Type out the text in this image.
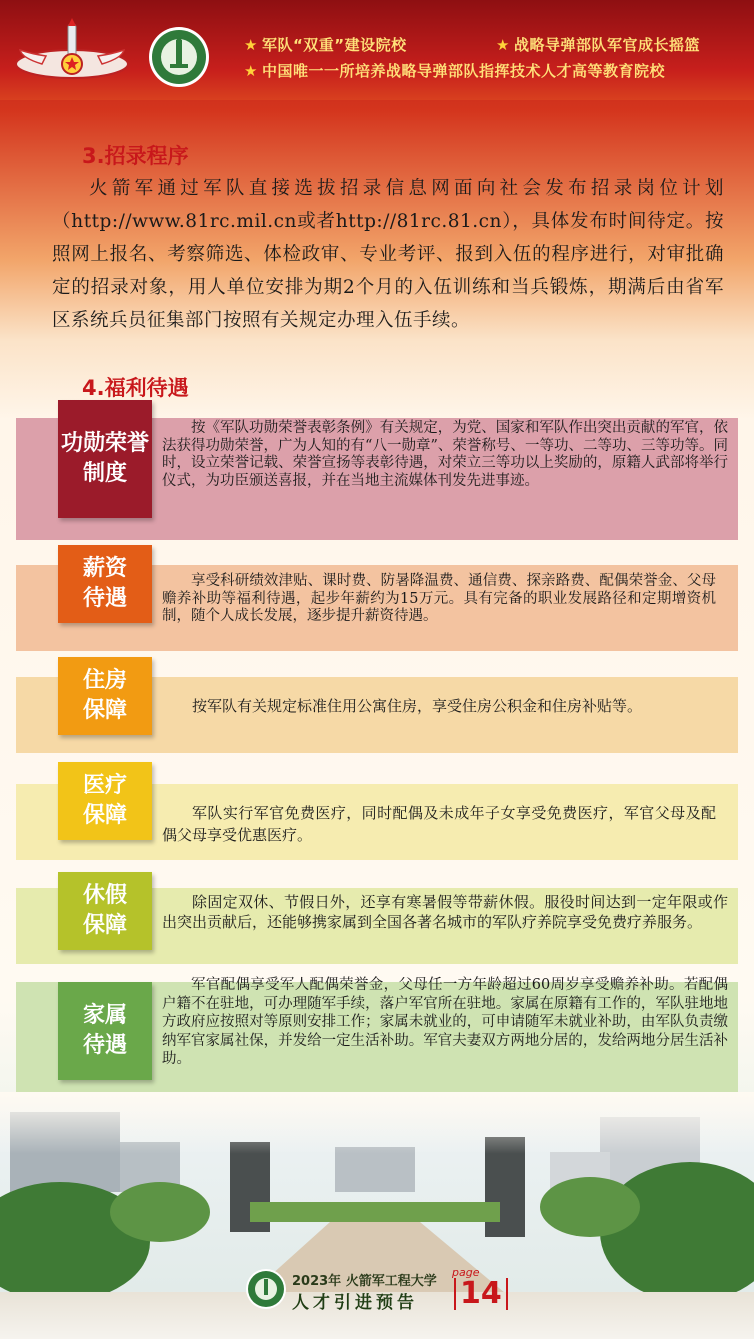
★ 军队“双重”建设院校	★ 战略导弹部队军官成长摇篮
★ 中国唯一一所培养战略导弹部队指挥技术人才高等教育院校
3.招录程序

火箭军通过军队直接选拔招录信息网面向社会发布招录岗位计划（http://www.81rc.mil.cn或者http://81rc.81.cn），具体发布时间待定。按照网上报名、考察筛选、体检政审、专业考评、报到入伍的程序进行，对审批确定的招录对象，用人单位安排为期2个月的入伍训练和当兵锻炼，期满后由省军区系统兵员征集部门按照有关规定办理入伍手续。

4.福利待遇
功勋荣誉
制度

按《军队功勋荣誉表彰条例》有关规定，为党、国家和军队作出突出贡献的军官，依法获得功勋荣誉，广为人知的有“八一勋章”、荣誉称号、一等功、二等功、三等功等。同时，设立荣誉记载、荣誉宣扬等表彰待遇，对荣立三等功以上奖励的，原籍人武部将举行仪式，为功臣颁送喜报，并在当地主流媒体刊发先进事迹。

薪资
待遇

享受科研绩效津贴、课时费、防暑降温费、通信费、探亲路费、配偶荣誉金、父母赡养补助等福利待遇，起步年薪约为15万元。具有完备的职业发展路径和定期增资机制，随个人成长发展，逐步提升薪资待遇。

住房
保障	按军队有关规定标准住用公寓住房，享受住房公积金和住房补贴等。

医疗
保障	军队实行军官免费医疗，同时配偶及未成年子女享受免费医疗，军官父母及配偶父母享受优惠医疗。

休假
保障

除固定双休、节假日外，还享有寒暑假等带薪休假。服役时间达到一定年限或作出突出贡献后，还能够携家属到全国各著名城市的军队疗养院享受免费疗养服务。

家属
待遇

军官配偶享受军人配偶荣誉金，父母任一方年龄超过60周岁享受赡养补助。若配偶户籍不在驻地，可办理随军手续，落户军官所在驻地。家属在原籍有工作的，军队驻地地方政府应按照对等原则安排工作；家属未就业的，可申请随军未就业补助，由军队负责缴纳军官家属社保，并发给一定生活补助。军官夫妻双方两地分居的，发给两地分居生活补助。

2023年 火箭军工程大学
人才引进预告
page
14
